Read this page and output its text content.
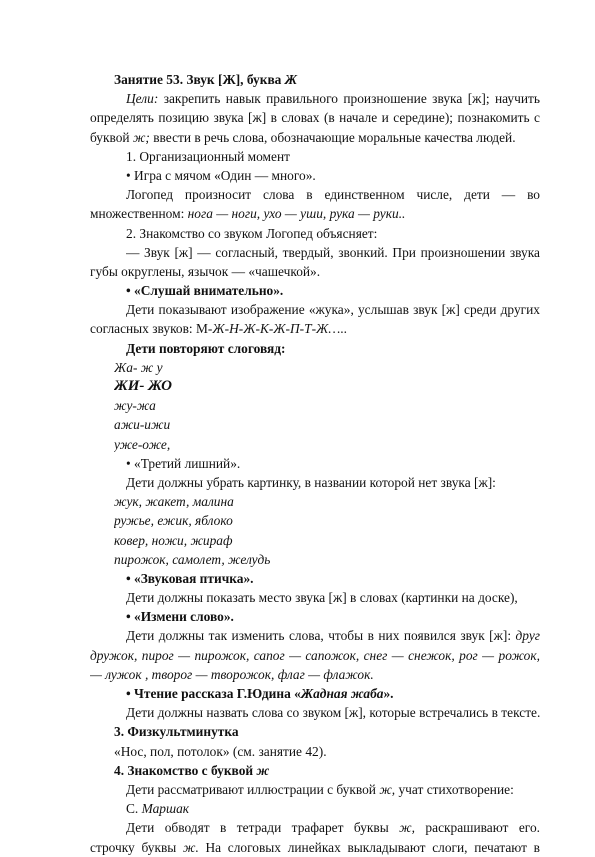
Занятие 53. Звук [Ж], буква Ж
Цели: закрепить навык правильного произношение звука [ж]; научить
определять позицию звука [ж] в словах (в начале и середине); познакомить с
буквой ж; ввести в речь слова, обозначающие моральные качества людей.
1. Организационный момент
• Игра с мячом «Один — много».
Логопед произносит слова в единственном числе, дети — во
множественном: нога — ноги, ухо — уши, рука — руки..
2. Знакомство со звуком Логопед объясняет:
— Звук [ж] — согласный, твердый, звонкий. При произношении звука
губы округлены, язычок — «чашечкой».
• «Слушай внимательно».
Дети показывают изображение «жука», услышав звук [ж] среди других
согласных звуков: М-Ж-Н-Ж-К-Ж-П-Т-Ж…..
Дети повторяют слоговяд:
Жа- ж у
ЖИ- ЖО
жу-жа
ажи-ижи
уже-оже,
• «Третий лишний».
Дети должны убрать картинку, в названии которой нет звука [ж]:
жук, жакет, малина
ружье, ежик, яблоко
ковер, ножи, жираф
пирожок, самолет, желудь
• «Звуковая птичка».
Дети должны показать место звука [ж] в словах (картинки на доске),
• «Измени слово».
Дети должны так изменить слова, чтобы в них появился звук [ж]: друг
дружок, пирог — пирожок, сапог — сапожок, снег — снежок, рог — рожок,
— лужок , творог — творожок, флаг — флажок.
• Чтение рассказа Г.Юдина «Жадная жаба».
Дети должны назвать слова со звуком [ж], которые встречались в тексте.
3. Физкультминутка
«Нос, пол, потолок» (см. занятие 42).
4. Знакомство с буквой ж
Дети рассматривают иллюстрации с буквой ж, учат стихотворение:
С. Маршак
Дети обводят в тетради трафарет буквы ж, раскрашивают его.
строчку буквы ж. На слоговых линейках выкладывают слоги, печатают в
